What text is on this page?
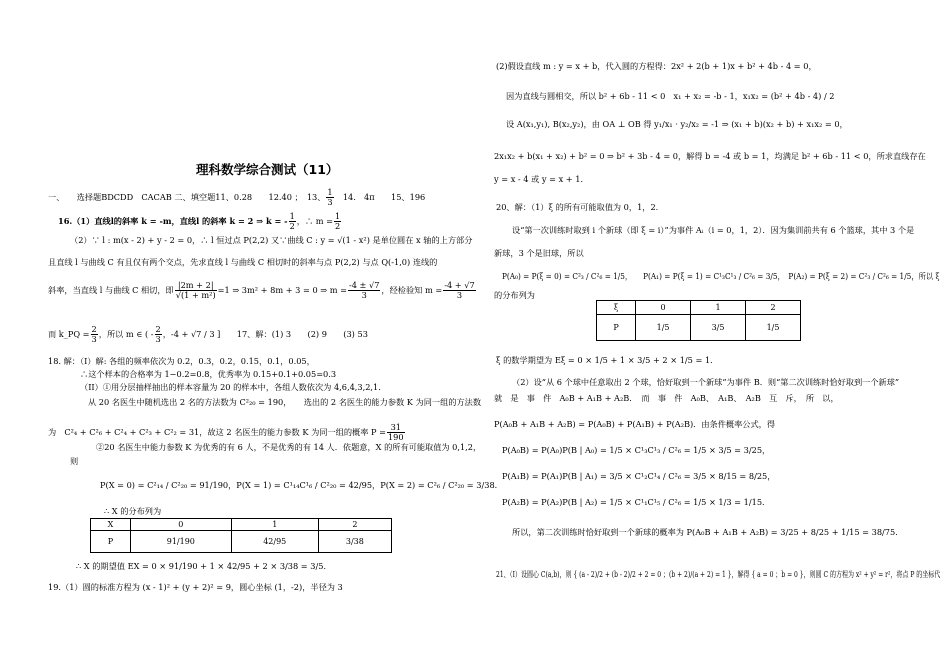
理科数学综合测试（11）
一、　　选择题BDCDD　CACAB 二、填空题11、0.28　　12.40 ；　13、 $\frac{1}{3}$ 　14.　4π　　15、196
16.（1）直线l的斜率 k = -m，直线l 的斜率 k = 2 ⇒ k = - $\frac{1}{2}$ ，∴ $m = \frac{1}{2}$
（2）∵ l : m(x - 2) + y - 2 = 0，∴ l 恒过点 P(2,2) 又∵曲线 C : y = √(1 - x²) 是单位圆在 x 轴的上方部分
且直线 l 与曲线 C 有且仅有两个交点，先求直线 l 与曲线 C 相切时的斜率与点 P(2,2) 与点 Q(-1,0) 连线的
斜率，当直线 l 与曲线 C 相切，即 $\frac{|2m + 2|}{\text{√(1 + m²)}} =1$ ⇒ 3m² + 8m + 3 = 0 ⇒ $m = \frac{-4 \pm √7}{3}$ ，经检验知 $m = \frac{-4 + √7}{3}$
而 k_PQ = $\frac{2}{3}$ ，所以 m ∈ ( - $\frac{2}{3}$ ，-4 + √7 / 3 ]　　17、解：(1) 3　　(2) 9　　(3) 53
18. 解：（I）解: 各组的频率依次为 0.2，0.3，0.2，0.15，0.1，0.05，
∴这个样本的合格率为 1−0.2=0.8，优秀率为 0.15+0.1+0.05=0.3
（II）①用分层抽样抽出的样本容量为 20 的样本中，各组人数依次为 4,6,4,3,2,1.
从 20 名医生中随机选出 2 名的方法数为 C²₂₀ = 190，　　选出的 2 名医生的能力参数 K 为同一组的方法数
为　C²₄ + C²₆ + C²₄ + C²₃ + C²₂ = 31，故这 2 名医生的能力参数 K 为同一组的概率 $P = \frac{31}{190}$
②20 名医生中能力参数 K 为优秀的有 6 人，不是优秀的有 14 人．依题意，X 的所有可能取值为 0,1,2，
则
P(X = 0) = C²₁₄ / C²₂₀ = 91/190，P(X = 1) = C¹₁₄C¹₆ / C²₂₀ = 42/95，P(X = 2) = C²₆ / C²₂₀ = 3/38．
∴ X 的分布列为
X	0	1	2
P	91/190	42/95	3/38
∴ X 的期望值 EX = 0 × 91/190 + 1 × 42/95 + 2 × 3/38 = 3/5．
19.（1）圆的标准方程为 (x - 1)² + (y + 2)² = 9，圆心坐标 (1，-2)，半径为 3
(2)假设直线 m : y = x + b，代入圆的方程得：2x² + 2(b + 1)x + b² + 4b - 4 = 0，
因为直线与圆相交，所以 b² + 6b - 11 < 0　x₁ + x₂ = -b - 1，x₁x₂ = (b² + 4b - 4) / 2
设 A(x₁,y₁), B(x₂,y₂)，由 OA ⊥ OB 得 y₁/x₁ · y₂/x₂ = -1 ⇒ (x₁ + b)(x₂ + b) + x₁x₂ = 0，
2x₁x₂ + b(x₁ + x₂) + b² = 0 ⇒ b² + 3b - 4 = 0，解得 b = -4 或 b = 1，均满足 b² + 6b - 11 < 0，所求直线存在
y = x - 4 或 y = x + 1．
20、解：（1）ξ 的所有可能取值为 0，1，2.
设“第一次训练时取到 i 个新球（即 ξ = i）”为事件 Aᵢ（i = 0，1，2）．因为集训前共有 6 个篮球，其中 3 个是
新球，3 个是旧球，所以
P(A₀) = P(ξ = 0) = C²₃ / C²₆ = 1/5，　　P(A₁) = P(ξ = 1) = C¹₃C¹₃ / C²₆ = 3/5，　P(A₂) = P(ξ = 2) = C²₃ / C²₆ = 1/5，所以 ξ
的分布列为
ξ	0	1	2
P	1/5	3/5	1/5
ξ 的数学期望为 Eξ = 0 × 1/5 + 1 × 3/5 + 2 × 1/5 = 1．
（2）设“从 6 个球中任意取出 2 个球，恰好取到一个新球”为事件 B．则“第二次训练时恰好取到一个新球”
就　是　事　件　A₀B + A₁B + A₂B．　而　事　件　A₀B、　A₁B、　A₂B　互　斥，　所　以，
P(A₀B + A₁B + A₂B) = P(A₀B) + P(A₁B) + P(A₂B)．由条件概率公式，得
P(A₀B) = P(A₀)P(B | A₀) = 1/5 × C¹₃C¹₃ / C²₆ = 1/5 × 3/5 = 3/25，
P(A₁B) = P(A₁)P(B | A₁) = 3/5 × C¹₂C¹₄ / C²₆ = 3/5 × 8/15 = 8/25，
P(A₂B) = P(A₂)P(B | A₂) = 1/5 × C¹₁C¹₅ / C²₆ = 1/5 × 1/3 = 1/15．
所以，第二次训练时恰好取到一个新球的概率为 P(A₀B + A₁B + A₂B) = 3/25 + 8/25 + 1/15 = 38/75．
21、（I）设圆心 C(a,b)，则 { (a - 2)/2 + (b - 2)/2 + 2 = 0 ；(b + 2)/(a + 2) = 1 }，解得 { a = 0 ；b = 0 }，则圆 C 的方程为 x² + y² = r²，将点 P 的坐标代
